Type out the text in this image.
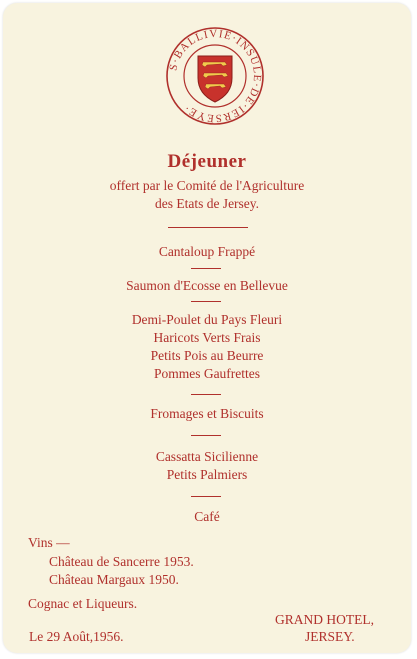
S·BALLIVIE·INSULE·DE·IERSEYE·
Déjeuner
offert par le Comité de l'Agriculture
des Etats de Jersey.
Cantaloup Frappé
Saumon d'Ecosse en Bellevue
Demi-Poulet du Pays Fleuri
Haricots Verts Frais
Petits Pois au Beurre
Pommes Gaufrettes
Fromages et Biscuits
Cassatta Sicilienne
Petits Palmiers
Café
Vins —
Château de Sancerre 1953.
Château Margaux 1950.
Cognac et Liqueurs.
Le 29 Août,1956.
GRAND HOTEL,
JERSEY.
